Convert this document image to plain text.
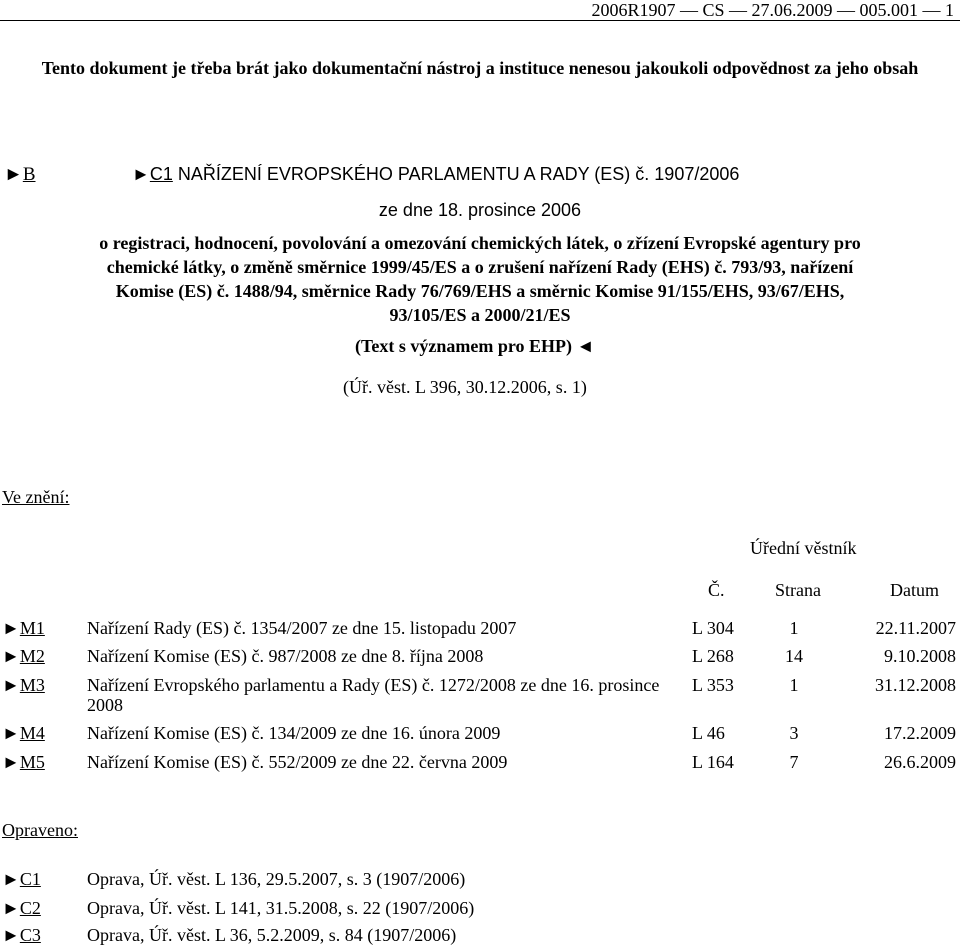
2006R1907 — CS — 27.06.2009 — 005.001 — 1
Tento dokument je třeba brát jako dokumentační nástroj a instituce nenesou jakoukoli odpovědnost za jeho obsah
►B	►C1 NAŘÍZENÍ EVROPSKÉHO PARLAMENTU A RADY (ES) č. 1907/2006
ze dne 18. prosince 2006
o registraci, hodnocení, povolování a omezování chemických látek, o zřízení Evropské agentury pro
chemické látky, o změně směrnice 1999/45/ES a o zrušení nařízení Rady (EHS) č. 793/93, nařízení
Komise (ES) č. 1488/94, směrnice Rady 76/769/EHS a směrnic Komise 91/155/EHS, 93/67/EHS,
93/105/ES a 2000/21/ES
(Text s významem pro EHP) ◄
(Úř. věst. L 396, 30.12.2006, s. 1)
Ve znění:
Úřední věstník
Č.	Strana	Datum
►M1 Nařízení Rady (ES) č. 1354/2007 ze dne 15. listopadu 2007	L 304	1	22.11.2007
►M2 Nařízení Komise (ES) č. 987/2008 ze dne 8. října 2008	L 268	14	9.10.2008
►M3 Nařízení Evropského parlamentu a Rady (ES) č. 1272/2008 ze dne 16. prosince 2008
L 353	1	31.12.2008
►M4 Nařízení Komise (ES) č. 134/2009 ze dne 16. února 2009	L 46	3	17.2.2009
►M5 Nařízení Komise (ES) č. 552/2009 ze dne 22. června 2009	L 164	7	26.6.2009
Opraveno:
►C1	Oprava, Úř. věst. L 136, 29.5.2007, s. 3 (1907/2006)
►C2	Oprava, Úř. věst. L 141, 31.5.2008, s. 22 (1907/2006)
►C3	Oprava, Úř. věst. L 36, 5.2.2009, s. 84 (1907/2006)
